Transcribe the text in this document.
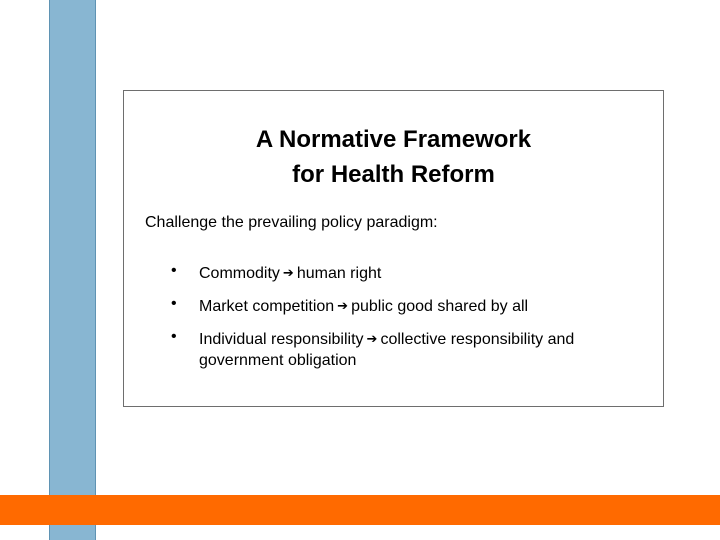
A Normative Framework
for Health Reform

Challenge the prevailing policy paradigm:

• Commodity ➔ human right
• Market competition ➔ public good shared by all
• Individual responsibility ➔ collective responsibility and government obligation
